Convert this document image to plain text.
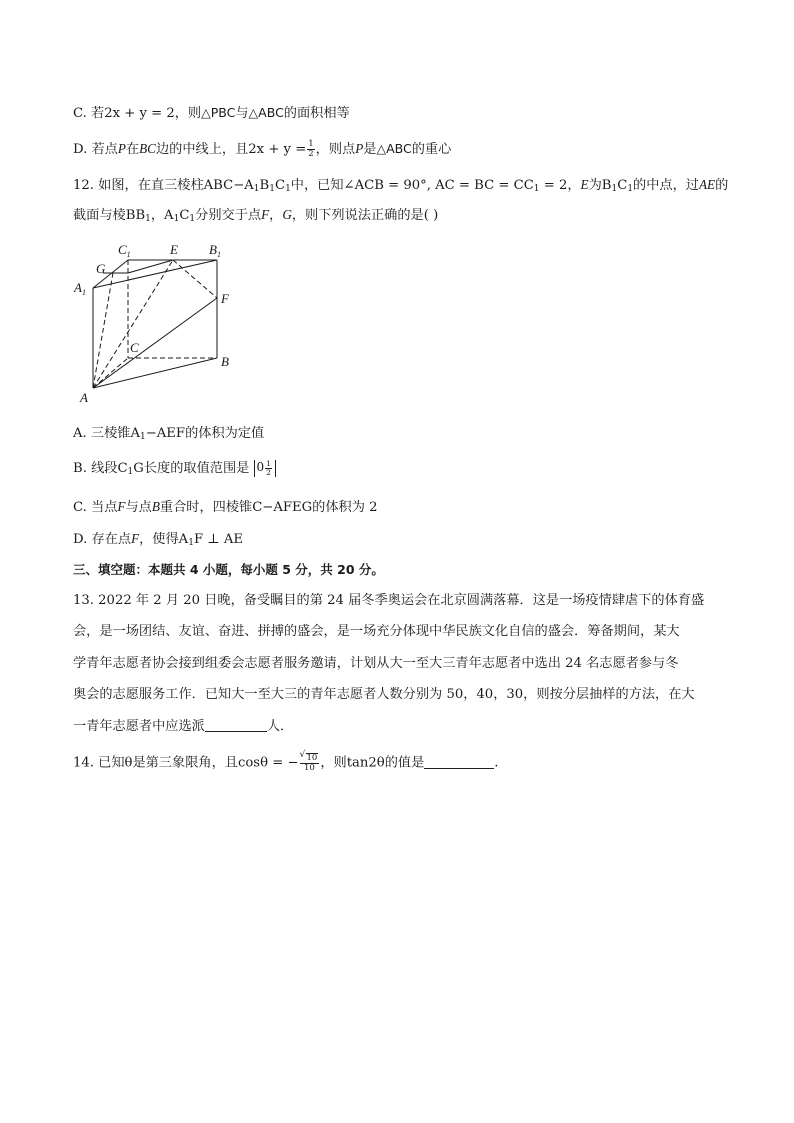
C. 若2x + y = 2，则△PBC与△ABC的面积相等
D. 若点P在BC边的中线上，且$2x + y = \frac{1}{2}$ ，则点P是△ABC的重心
12. 如图，在直三棱柱$ABC-A_1B_1C_1$中，已知∠ACB = 90°, AC = BC = $CC_1 = 2$，E为$B_1C_1$的中点，过AE的
截面与棱$BB_1$，$A_1C_1$分别交于点F，G，则下列说法正确的是( )
$C_1$	E $B_1$
G
$A_1$	F
C
B
A
A. 三棱锥$A_1-AEF$的体积为定值
B. 线段$C_1G$长度的取值范围是 $0 \frac{1}{2}$
C. 当点F与点B重合时，四棱锥C−AFEG的体积为 2
D. 存在点F，使得$A_1F$ ⊥ AE
三、填空题：本题共 4 小题，每小题 5 分，共 20 分。
13. 2022 年 2 月 20 日晚，备受瞩目的第 24 届冬季奥运会在北京圆满落幕．这是一场疫情肆虐下的体育盛
会，是一场团结、友谊、奋进、拼搏的盛会，是一场充分体现中华民族文化自信的盛会．筹备期间，某大
学青年志愿者协会接到组委会志愿者服务邀请，计划从大一至大三青年志愿者中选出 24 名志愿者参与冬
奥会的志愿服务工作．已知大一至大三的青年志愿者人数分别为 50，40，30，则按分层抽样的方法，在大
一青年志愿者中应选派	人．
14. 已知θ是第三象限角，且cosθ = −
√ $\frac{10}{10}$ ，则tan2θ的值是	.
